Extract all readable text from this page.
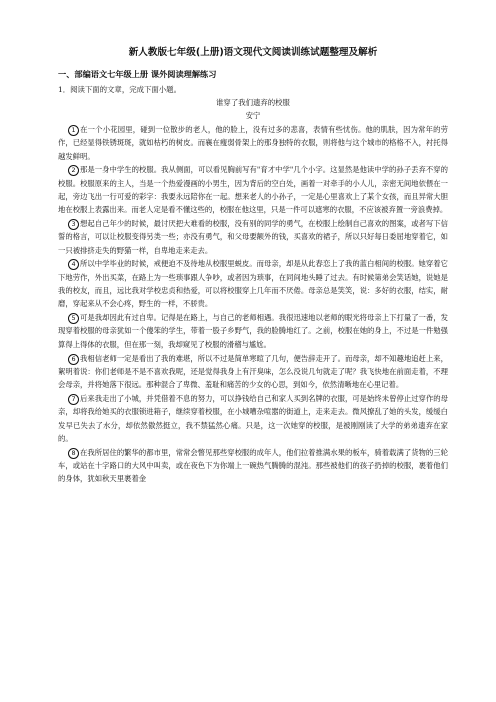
新人教版七年级(上册)语文现代文阅读训练试题整理及解析
一、部编语文七年级上册 课外阅读理解练习

1．阅读下面的文章，完成下面小题。

谁穿了我们遗弃的校服

安宁

1 在一个小花园里，碰到一位散步的老人，他的脸上，没有过多的悲喜，表情有些忧伤。他的肌肤，因为常年的劳作，已经显得铁锈斑斑，就如枯朽的树皮。而襄在瘦弱骨架上的那身独特的衣服，则将他与这个城市的格格不入，衬托得越发鲜明。

2 那是一身中学生的校服。我从侧面，可以看见胸前写有"育才中学"几个小字。这显然是他读中学的孙子丢弃不穿的校服。校服原来的主人，当是一个热爱漫画的小男生，因为背后的空白处，画着一对牵手的小人儿，亲密无间地依偎在一起，旁边飞出一行可爱的彩字：我要永远陪你在一起。想来老人的小孙子，一定是心里喜欢上了某个女孩，而且异常大胆地在校服上表露出来。而老人定是看不懂这些的，校服在他这里，只是一件可以遮寒的衣服，不应该被弃置一旁浪费掉。

3 想起自己年少的时候，最讨厌把大难看的校服，没有别的同学的勇气，在校服上绘制自己喜欢的图案，或者写下信誓的格言，可以让校服变得另类一些；亦没有勇气，和父母要额外的钱，买喜欢的裙子，所以只好每日委屈地穿着它，如一只被排挤走失的野猫一样，自卑地走来走去。

4 所以中学毕业的时候，戒便迫不及待地从校服里蜕皮。而母亲，却是从此春恋上了我的蓝白相间的校服。她穿着它下地劳作，外出买菜，在路上为一些琐事跟人争吵，或者因为琐事，在同间地头睡了过去。有时候第弟会笑话她，说她是我的校友，而且，远比我对学校忠贞和热爱，可以将校服穿上几年而不厌倦。母亲总是笑笑，说：多好的衣服，结实，耐磨，穿起来从不会心疼，野生的一样，不骄贵。

5 可是我却因此有过自卑。记得是在路上，与自己的老师相遇。我很迅速地以老师的眼光将母亲上下打量了一番，发现穿着校服的母亲犹如一个傻笨的学生，带着一股子乡野气，我的脸腾地红了。之前，校服在她的身上，不过是一件勉强算得上得体的衣服，但在那一刻，我却窥见了校服的滑稽与尴尬。

6 我相信老师一定是看出了我的难堪，所以不过是简单寒暄了几句，便告辞走开了。而母亲，却不知趣地追赶上来，絮明着说：你们老师是不是不喜欢我呢，还是觉得我身上有汗臭味，怎么没说几句就走了呢？我飞快地在前面走着，不理会母亲，并将她落下很远。那种混合了卑微、羞耻和痛苦的少女的心思，到如今，依然清晰地在心里记着。

7 后来我走出了小城，并凭借着不息的努力，可以挣钱给自己和家人买到名牌的衣服，可是始终未曾停止过穿作的母亲，却将我给她买的衣服锁进箱子，继续穿着校服，在小城嘈杂喧嚣的街道上，走来走去。微风撩乱了她的头发，缓缓白发早已失去了水分，却依然傲然挺立，我不禁猛然心痛。只是，这一次她穿的校服，是被刚刚读了大学的弟弟遗弃在家的。

8 在我所居住的繁华的都市里，常常会瞥见那些穿校服的成年人，他们拉着推满水果的板车，骑着载满了货物的三轮车，或站在十字路口的大风中叫卖，或在夜色下为你端上一碗热气腾腾的混沌。那些被他们的孩子扔掉的校服，裹着他们的身体，犹如秋天里裹着金
